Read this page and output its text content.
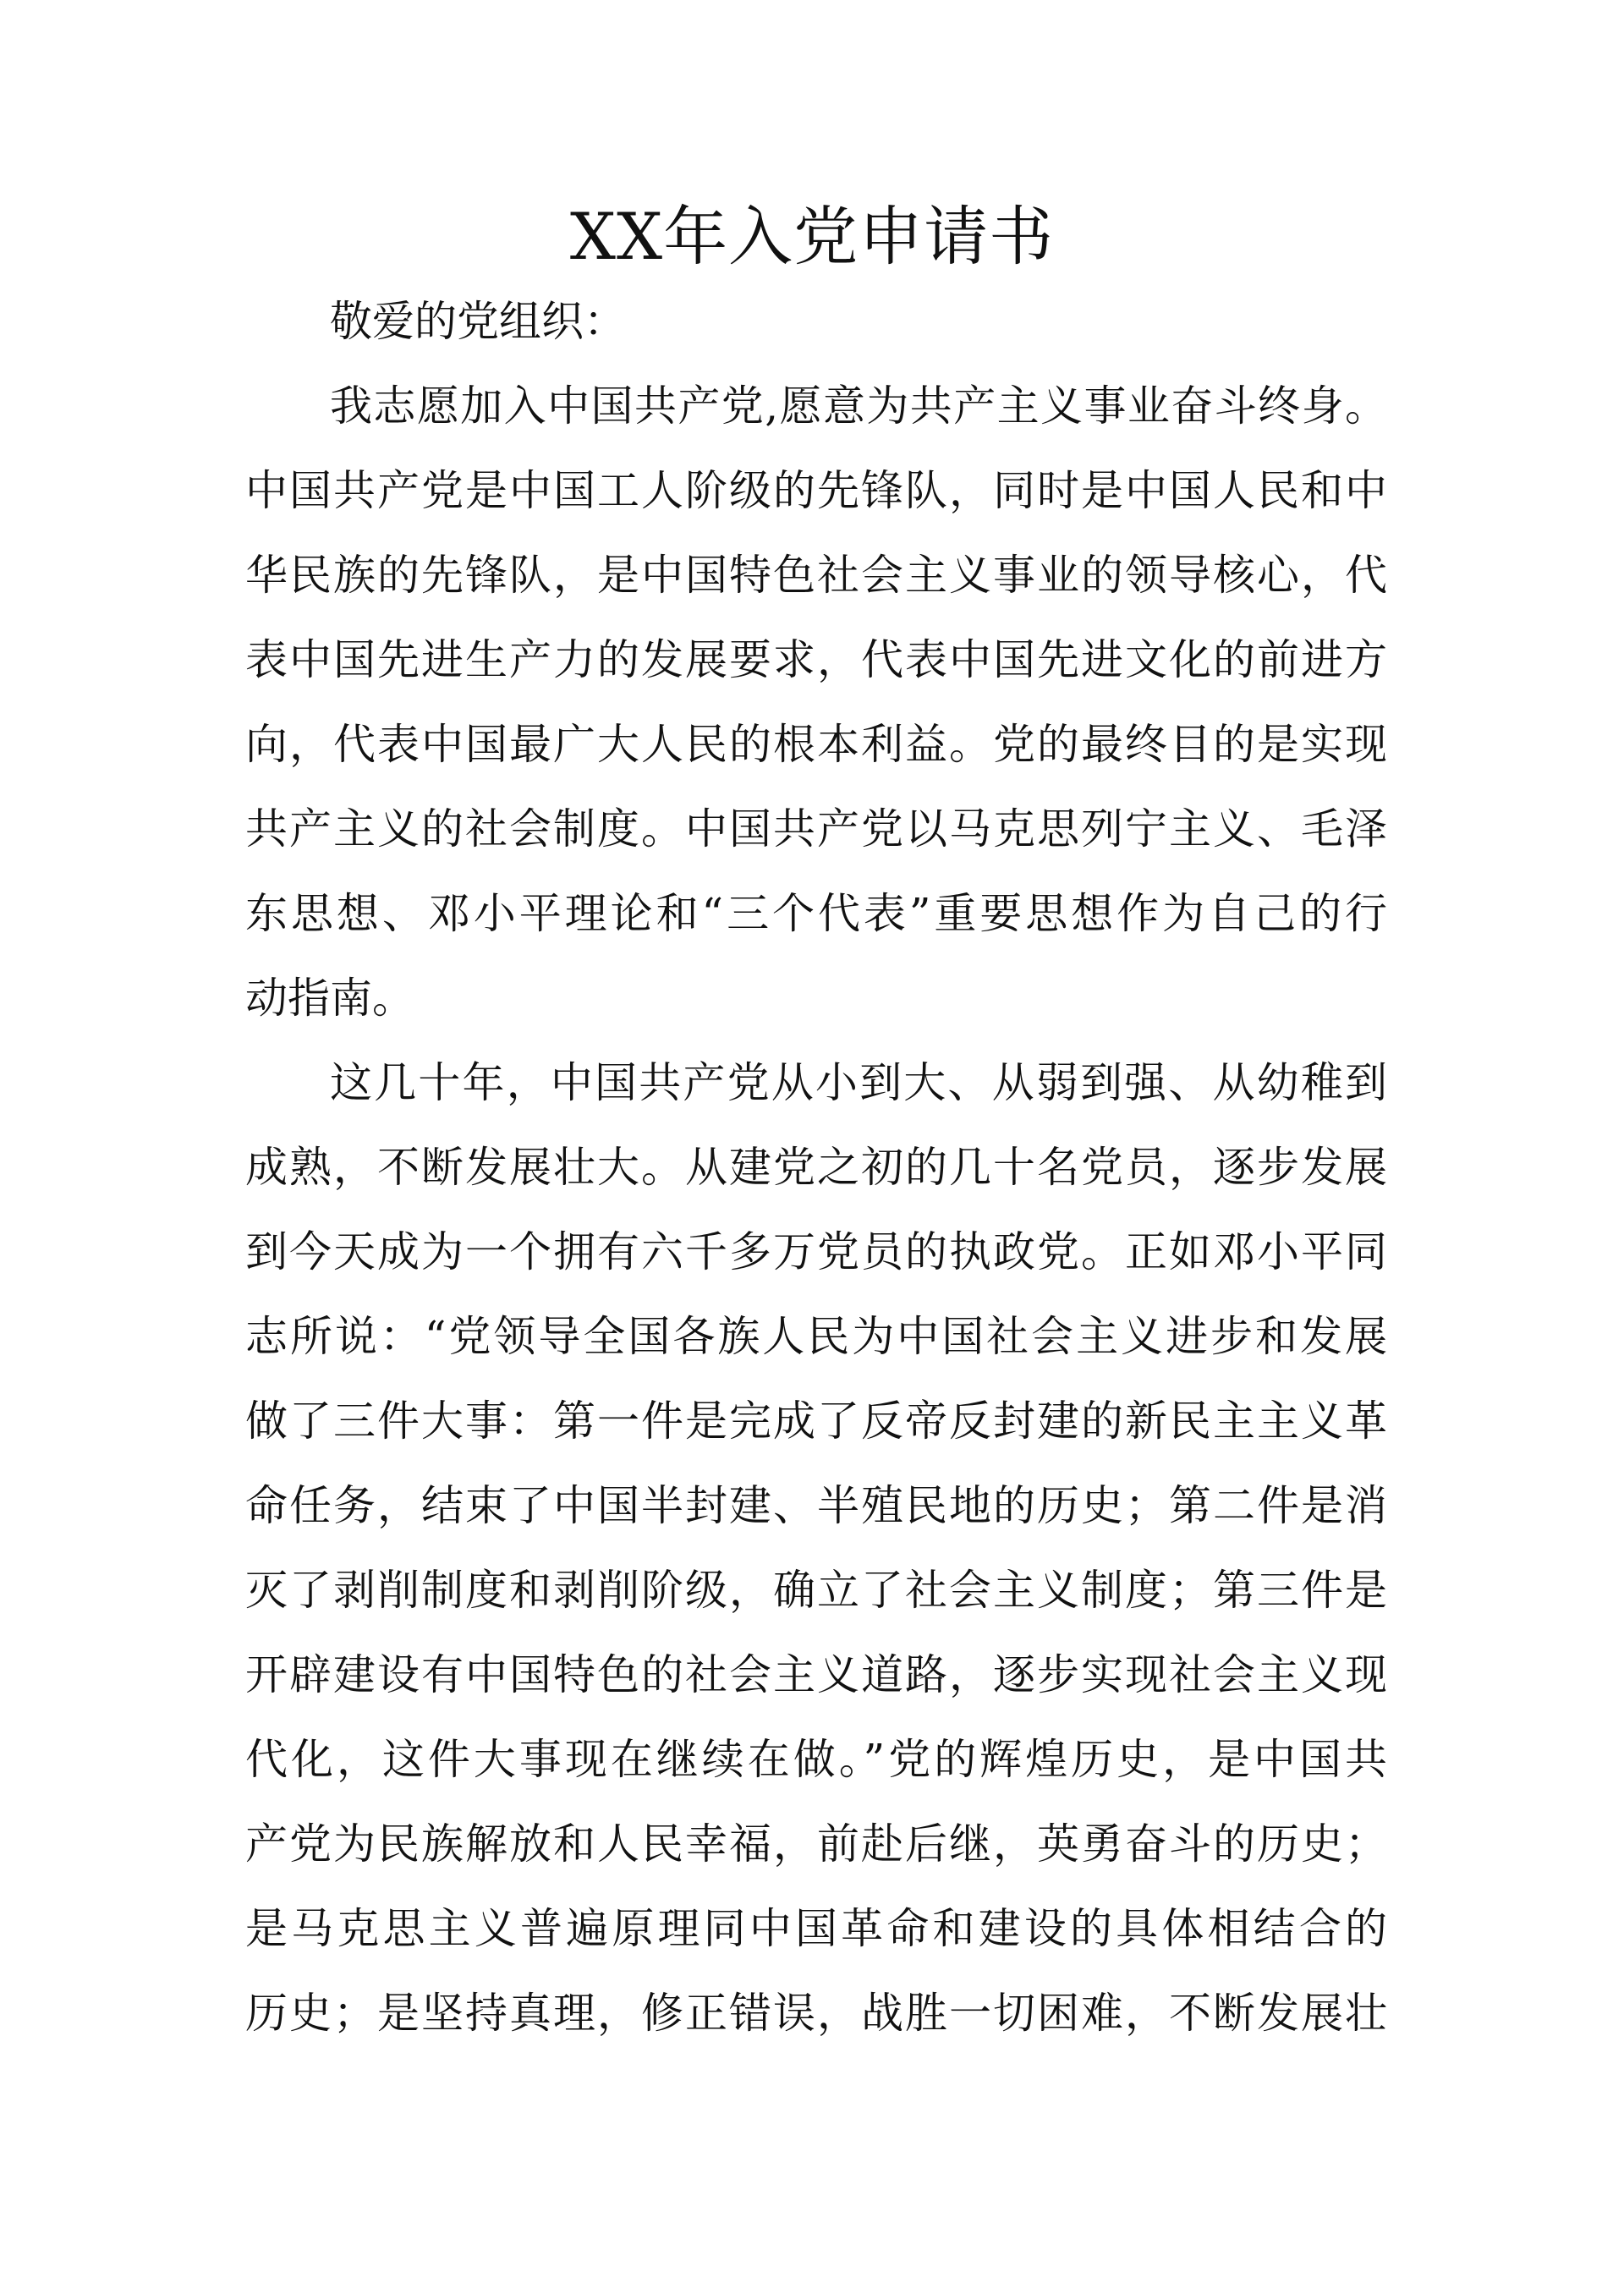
XX年入党申请书
敬爱的党组织：
我志愿加入中国共产党,愿意为共产主义事业奋斗终身。
中国共产党是中国工人阶级的先锋队，同时是中国人民和中
华民族的先锋队，是中国特色社会主义事业的领导核心，代
表中国先进生产力的发展要求，代表中国先进文化的前进方
向，代表中国最广大人民的根本利益。党的最终目的是实现
共产主义的社会制度。中国共产党以马克思列宁主义、毛泽
东思想、邓小平理论和“三个代表”重要思想作为自己的行
动指南。
这几十年，中国共产党从小到大、从弱到强、从幼稚到
成熟，不断发展壮大。从建党之初的几十名党员，逐步发展
到今天成为一个拥有六千多万党员的执政党。正如邓小平同
志所说：“党领导全国各族人民为中国社会主义进步和发展
做了三件大事：第一件是完成了反帝反封建的新民主主义革
命任务，结束了中国半封建、半殖民地的历史；第二件是消
灭了剥削制度和剥削阶级，确立了社会主义制度；第三件是
开辟建设有中国特色的社会主义道路，逐步实现社会主义现
代化，这件大事现在继续在做。”党的辉煌历史，是中国共
产党为民族解放和人民幸福，前赴后继，英勇奋斗的历史；
是马克思主义普遍原理同中国革命和建设的具体相结合的
历史；是坚持真理，修正错误，战胜一切困难，不断发展壮
